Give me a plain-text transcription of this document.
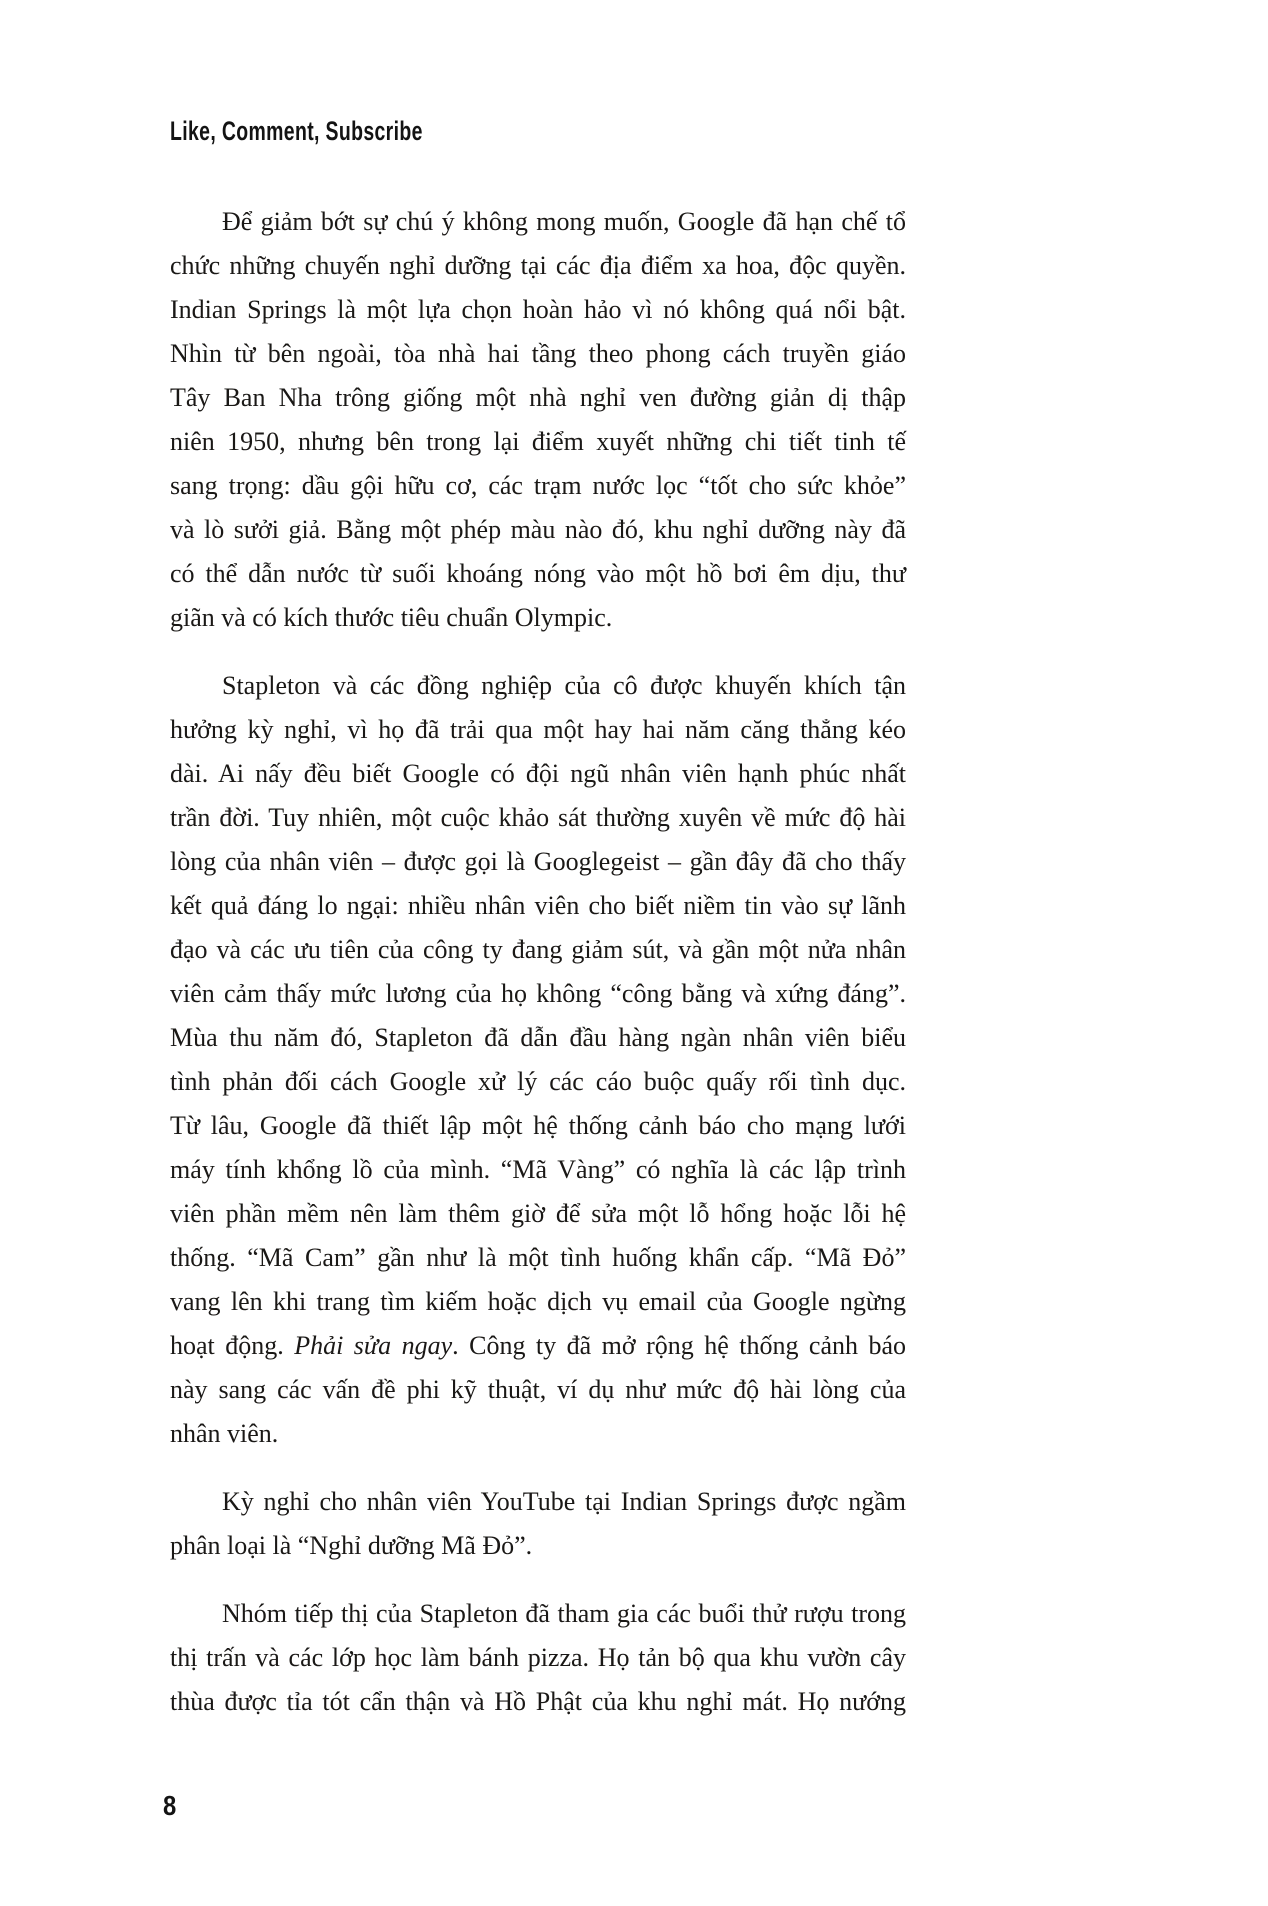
Like, Comment, Subscribe
Để giảm bớt sự chú ý không mong muốn, Google đã hạn chế tổ
chức những chuyến nghỉ dưỡng tại các địa điểm xa hoa, độc quyền.
Indian Springs là một lựa chọn hoàn hảo vì nó không quá nổi bật.
Nhìn từ bên ngoài, tòa nhà hai tầng theo phong cách truyền giáo
Tây Ban Nha trông giống một nhà nghỉ ven đường giản dị thập
niên 1950, nhưng bên trong lại điểm xuyết những chi tiết tinh tế
sang trọng: dầu gội hữu cơ, các trạm nước lọc “tốt cho sức khỏe”
và lò sưởi giả. Bằng một phép màu nào đó, khu nghỉ dưỡng này đã
có thể dẫn nước từ suối khoáng nóng vào một hồ bơi êm dịu, thư
giãn và có kích thước tiêu chuẩn Olympic.
Stapleton và các đồng nghiệp của cô được khuyến khích tận
hưởng kỳ nghỉ, vì họ đã trải qua một hay hai năm căng thẳng kéo
dài. Ai nấy đều biết Google có đội ngũ nhân viên hạnh phúc nhất
trần đời. Tuy nhiên, một cuộc khảo sát thường xuyên về mức độ hài
lòng của nhân viên – được gọi là Googlegeist – gần đây đã cho thấy
kết quả đáng lo ngại: nhiều nhân viên cho biết niềm tin vào sự lãnh
đạo và các ưu tiên của công ty đang giảm sút, và gần một nửa nhân
viên cảm thấy mức lương của họ không “công bằng và xứng đáng”.
Mùa thu năm đó, Stapleton đã dẫn đầu hàng ngàn nhân viên biểu
tình phản đối cách Google xử lý các cáo buộc quấy rối tình dục.
Từ lâu, Google đã thiết lập một hệ thống cảnh báo cho mạng lưới
máy tính khổng lồ của mình. “Mã Vàng” có nghĩa là các lập trình
viên phần mềm nên làm thêm giờ để sửa một lỗ hổng hoặc lỗi hệ
thống. “Mã Cam” gần như là một tình huống khẩn cấp. “Mã Đỏ”
vang lên khi trang tìm kiếm hoặc dịch vụ email của Google ngừng
hoạt động. Phải sửa ngay. Công ty đã mở rộng hệ thống cảnh báo
này sang các vấn đề phi kỹ thuật, ví dụ như mức độ hài lòng của
nhân viên.
Kỳ nghỉ cho nhân viên YouTube tại Indian Springs được ngầm
phân loại là “Nghỉ dưỡng Mã Đỏ”.
Nhóm tiếp thị của Stapleton đã tham gia các buổi thử rượu trong
thị trấn và các lớp học làm bánh pizza. Họ tản bộ qua khu vườn cây
thùa được tỉa tót cẩn thận và Hồ Phật của khu nghỉ mát. Họ nướng
8
